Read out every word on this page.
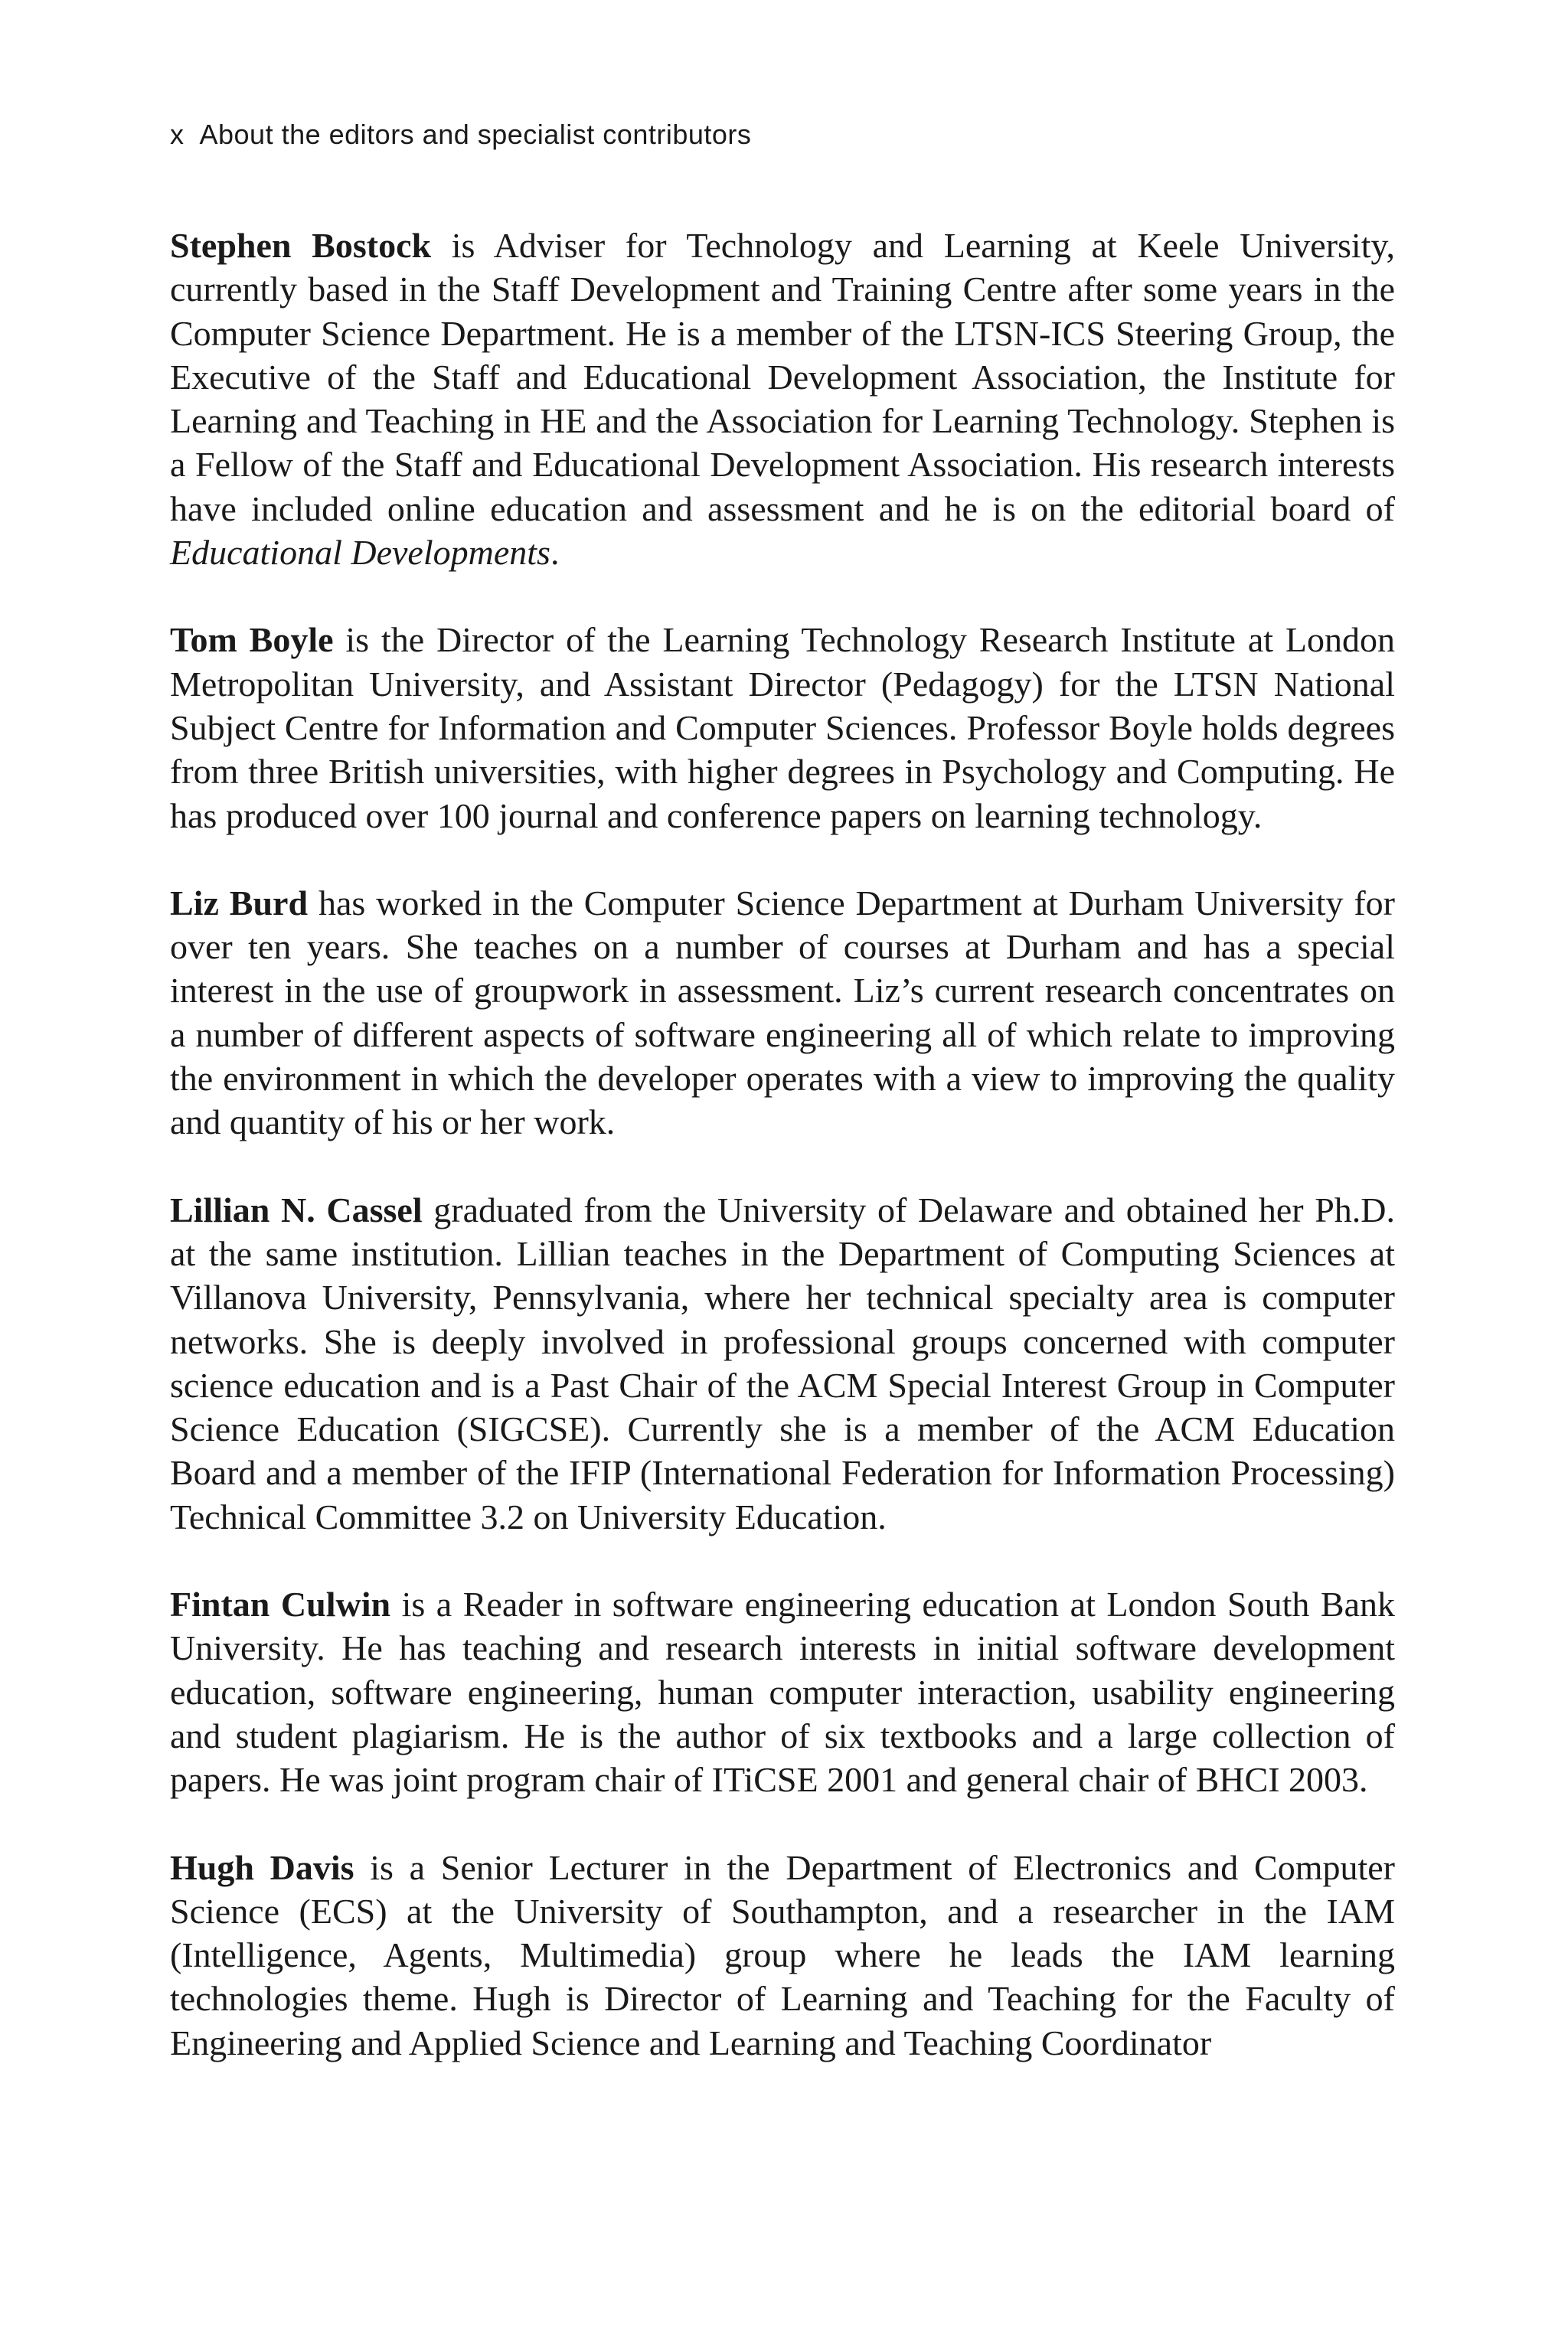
x About the editors and specialist contributors

Stephen Bostock is Adviser for Technology and Learning at Keele University, currently based in the Staff Development and Training Centre after some years in the Computer Science Department. He is a member of the LTSN-ICS Steering Group, the Executive of the Staff and Educational Development Association, the Institute for Learning and Teaching in HE and the Association for Learning Technology. Stephen is a Fellow of the Staff and Educational Development Association. His research interests have included online education and assessment and he is on the editorial board of Educational Developments.

Tom Boyle is the Director of the Learning Technology Research Institute at London Metropolitan University, and Assistant Director (Pedagogy) for the LTSN National Subject Centre for Information and Computer Sciences. Professor Boyle holds degrees from three British universities, with higher degrees in Psychology and Computing. He has produced over 100 journal and conference papers on learning technology.

Liz Burd has worked in the Computer Science Department at Durham University for over ten years. She teaches on a number of courses at Durham and has a special interest in the use of groupwork in assessment. Liz’s current research concentrates on a number of different aspects of software engineering all of which relate to improving the environment in which the developer operates with a view to improving the quality and quantity of his or her work.

Lillian N. Cassel graduated from the University of Delaware and obtained her Ph.D. at the same institution. Lillian teaches in the Department of Computing Sciences at Villanova University, Pennsylvania, where her technical specialty area is computer networks. She is deeply involved in professional groups concerned with computer science education and is a Past Chair of the ACM Special Interest Group in Computer Science Education (SIGCSE). Currently she is a member of the ACM Education Board and a member of the IFIP (International Federation for Information Processing) Technical Committee 3.2 on University Education.

Fintan Culwin is a Reader in software engineering education at London South Bank University. He has teaching and research interests in initial software development education, software engineering, human computer interaction, usability engineering and student plagiarism. He is the author of six textbooks and a large collection of papers. He was joint program chair of ITiCSE 2001 and general chair of BHCI 2003.

Hugh Davis is a Senior Lecturer in the Department of Electronics and Computer Science (ECS) at the University of Southampton, and a researcher in the IAM (Intelligence, Agents, Multimedia) group where he leads the IAM learning technologies theme. Hugh is Director of Learning and Teaching for the Faculty of Engineering and Applied Science and Learning and Teaching Coordinator
